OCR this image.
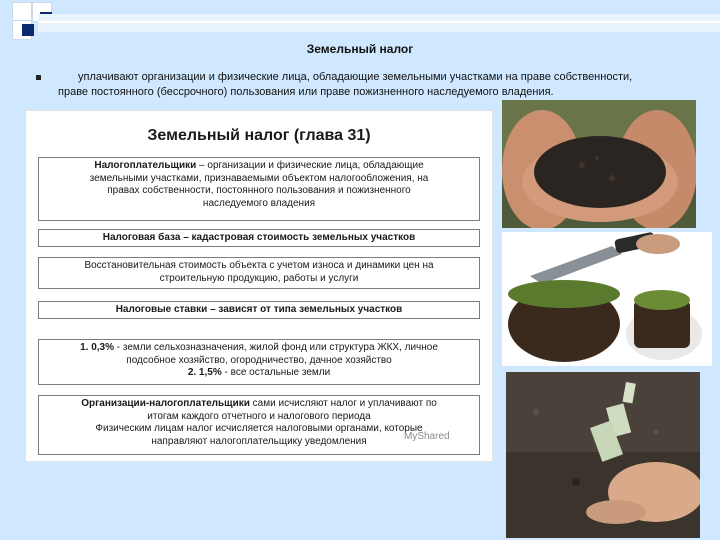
Земельный налог
уплачивают организации и физические лица, обладающие земельными участками на праве собственности,
праве постоянного (бессрочного) пользования или праве пожизненного наследуемого владения.
Земельный налог (глава 31)
Налогоплательщики – организации и физические лица, обладающие
земельными участками, признаваемыми объектом налогообложения, на
правах собственности, постоянного пользования и пожизненного
наследуемого владения
Налоговая база – кадастровая стоимость земельных участков
Восстановительная стоимость объекта с учетом износа и динамики цен на
строительную продукцию, работы и услуги
Налоговые ставки – зависят от типа земельных участков
1. 0,3% - земли сельхозназначения, жилой фонд или структура ЖКХ, личное
подсобное хозяйство, огородничество, дачное хозяйство
2. 1,5% - все остальные земли
Организации-налогоплательщики сами исчисляют налог и уплачивают по
итогам каждого отчетного и налогового периода
Физическим лицам налог исчисляется налоговыми органами, которые
направляют налогоплательщику уведомления	MyShared
